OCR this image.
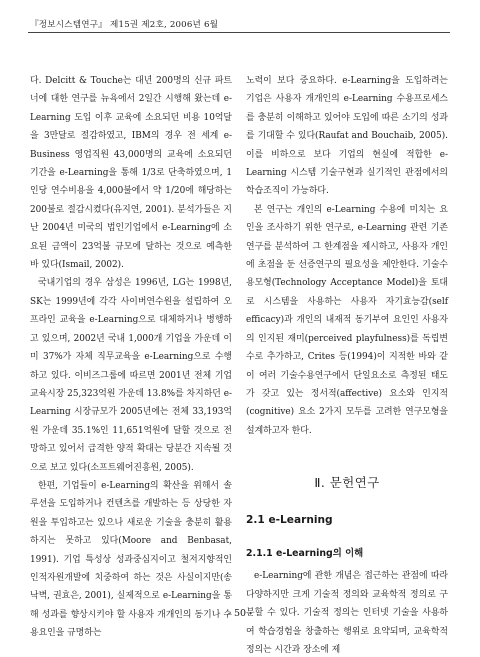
『정보시스템연구』 제15권 제2호, 2006년 6월

다. Delcitt & Touche는 대년 200명의 신규 파트너에 대한 연구를 뉴욕에서 2일간 시행해 왔는데 e-Learning 도입 이후 교육에 소요되던 비용 10억달을 3만달로 절감하였고, IBM의 경우 전 세계 e-Business 영업직원 43,000명의 교육에 소요되던 기간을 e-Learning을 통해 1/3로 단축하였으며, 1인당 연수비용을 4,000불에서 약 1/20에 해당하는 200불로 절감시켰다(유지연, 2001). 분석가들은 지난 2004년 미국의 법인기업에서 e-Learning에 소요된 금액이 23억불 규모에 달하는 것으로 예측한 바 있다(Ismail, 2002).

국내기업의 경우 삼성은 1996년, LG는 1998년, SK는 1999년에 각각 사이버연수원을 설립하여 오프라인 교육을 e-Learning으로 대체하거나 병행하고 있으며, 2002년 국내 1,000개 기업을 가운데 이미 37%가 자체 직무교육을 e-Learning으로 수행하고 있다. 이비즈그룹에 따르면 2001년 전체 기업교육시장 25,323억원 가운데 13.8%를 차지하던 e-Learning 시장규모가 2005년에는 전체 33,193억원 가운데 35.1%인 11,651억원에 달할 것으로 전망하고 있어서 급격한 양적 확대는 당분간 지속될 것으로 보고 있다(소프트웨어진흥원, 2005).

한편, 기업들이 e-Learning의 확산을 위해서 솔루션을 도입하거나 컨텐츠를 개발하는 등 상당한 자원을 투입하고는 있으나 새로운 기술을 충분히 활용하지는 못하고 있다(Moore and Benbasat, 1991). 기업 특성상 성과중심지이고 철저지향적인 인적자원개발에 치중하여 하는 것은 사실이지만(송낙벽, 권효은, 2001), 실제적으로 e-Learning을 통해 성과를 향상시키야 할 사용자 개개인의 동기나 수용요인을 규명하는

노력이 보다 중요하다. e-Learning을 도입하려는 기업은 사용자 개개인의 e-Learning 수용프로세스를 충분히 이해하고 있어야 도입에 따른 소기의 성과를 기대할 수 있다(Raufat and Bouchaib, 2005). 이를 비하으로 보다 기업의 현실에 적합한 e-Learning 시스템 기술구현과 실기적인 관점에서의 학습조직이 가능하다.

본 연구는 개인의 e-Learning 수용에 미치는 요인을 조사하기 위한 연구로, e-Learning 관련 기존연구를 분석하여 그 한계점을 제시하고, 사용자 개인에 초점을 둔 선증연구의 필요성을 제안한다. 기술수용모형(Technology Acceptance Model)을 토대로 시스템을 사용하는 사용자 자기효능감(self efficacy)과 개인의 내재적 동기부여 요인인 사용자의 인지된 재미(perceived playfulness)를 독립변수로 추가하고, Crites 등(1994)이 지적한 바와 같이 여러 기술수용연구에서 단일요소로 측정된 태도가 갖고 있는 정서적(affective) 요소와 인지적(cognitive) 요소 2가지 모두를 고려한 연구모형을 설계하고자 한다.

Ⅱ. 문헌연구
2.1 e-Learning
2.1.1 e-Learning의 이해

e-Learning에 관한 개념은 접근하는 관점에 따라 다양하지만 크게 기술적 정의와 교육학적 정의로 구분할 수 있다. 기술적 정의는 인터넷 기술을 사용하여 학습경험을 창출하는 행위로 요약되며, 교육학적 정의는 시간과 장소에 제

- 50 -
